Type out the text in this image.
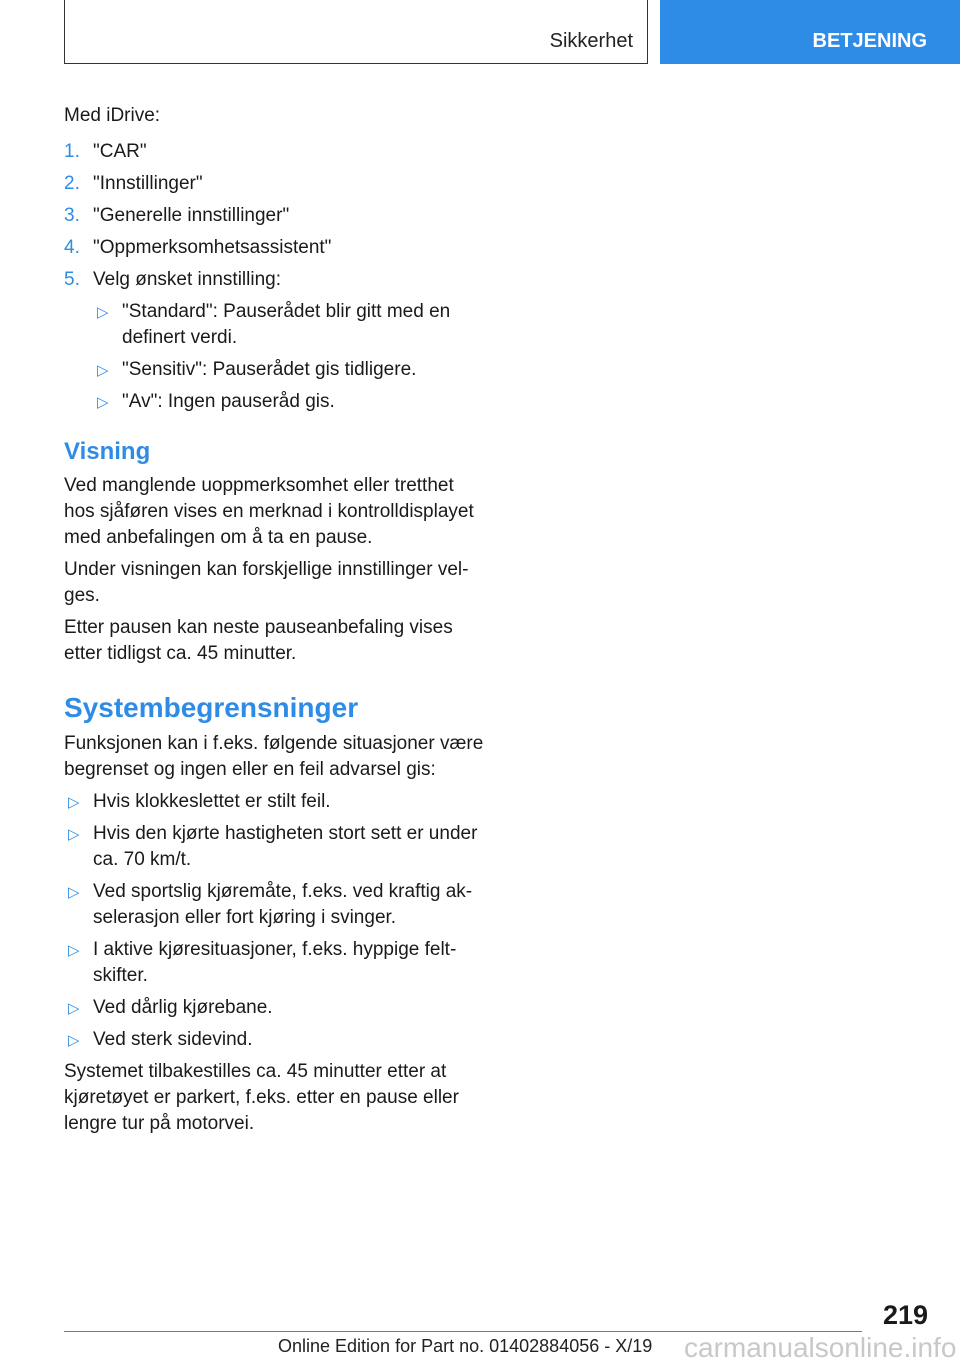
Sikkerhet	BETJENING

Med iDrive:

1. "CAR"
2. "Innstillinger"
3. "Generelle innstillinger"
4. "Oppmerksomhetsassistent"
5. Velg ønsket innstilling:
▷ "Standard": Pauserådet blir gitt med en definert verdi.
▷ "Sensitiv": Pauserådet gis tidligere.
▷ "Av": Ingen pauseråd gis.
Visning

Ved manglende uoppmerksomhet eller tretthet hos sjåføren vises en merknad i kontrolldisplayet med anbefalingen om å ta en pause.

Under visningen kan forskjellige innstillinger velges.

Etter pausen kan neste pauseanbefaling vises etter tidligst ca. 45 minutter.

Systembegrensninger

Funksjonen kan i f.eks. følgende situasjoner være begrenset og ingen eller en feil advarsel gis:

▷ Hvis klokkeslettet er stilt feil.
▷ Hvis den kjørte hastigheten stort sett er under ca. 70 km/t.
▷ Ved sportslig kjøremåte, f.eks. ved kraftig akselerasjon eller fort kjøring i svinger.
▷ I aktive kjøresituasjoner, f.eks. hyppige feltskifter.
▷ Ved dårlig kjørebane.
▷ Ved sterk sidevind.

Systemet tilbakestilles ca. 45 minutter etter at kjøretøyet er parkert, f.eks. etter en pause eller lengre tur på motorvei.

219
Online Edition for Part no. 01402884056 - X/19 carmanualsonline.info
